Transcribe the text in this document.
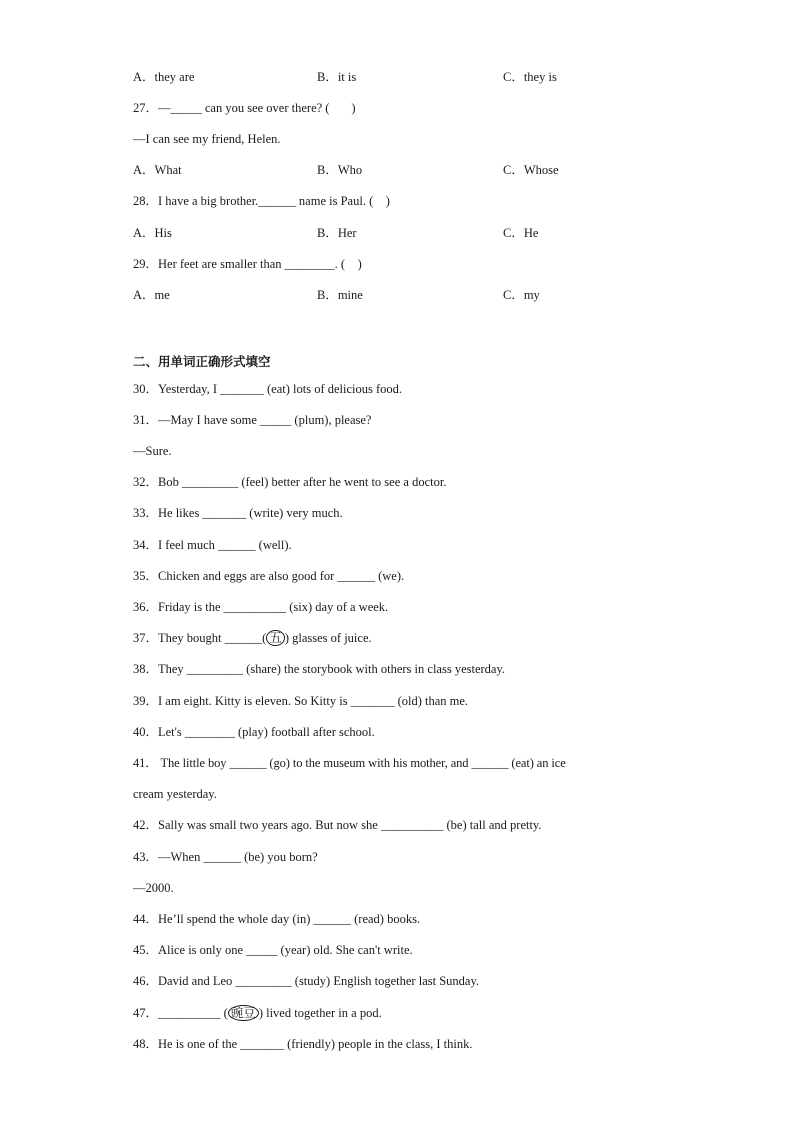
A．they are	B．it is	C．they is
27．—_____ can you see over there? (       )
—I can see my friend, Helen.
A．What	B．Who	C．Whose
28．I have a big brother.______ name is Paul. (    )
A．His	B．Her	C．He
29．Her feet are smaller than ________. (    )
A．me	B．mine	C．my
二、用单词正确形式填空
30．Yesterday, I _______ (eat) lots of delicious food.
31．—May I have some _____ (plum), please?
—Sure.
32．Bob _________ (feel) better after he went to see a doctor.
33．He likes _______ (write) very much.
34．I feel much ______ (well).
35．Chicken and eggs are also good for ______ (we).
36．Friday is the __________ (six) day of a week.
37．They bought ______( 五 ) glasses of juice.
38．They _________ (share) the storybook with others in class yesterday.
39．I am eight. Kitty is eleven. So Kitty is _______ (old) than me.
40．Let's ________ (play) football after school.
41． The little boy ______ (go) to the museum with his mother, and ______ (eat) an ice
cream yesterday.
42．Sally was small two years ago. But now she __________ (be) tall and pretty.
43．—When ______ (be) you born?
—2000.
44．He’ll spend the whole day (in) ______ (read) books.
45．Alice is only one _____ (year) old. She can't write.
46．David and Leo _________ (study) English together last Sunday.
47．__________ ( 豌豆 ) lived together in a pod.
48．He is one of the _______ (friendly) people in the class, I think.
